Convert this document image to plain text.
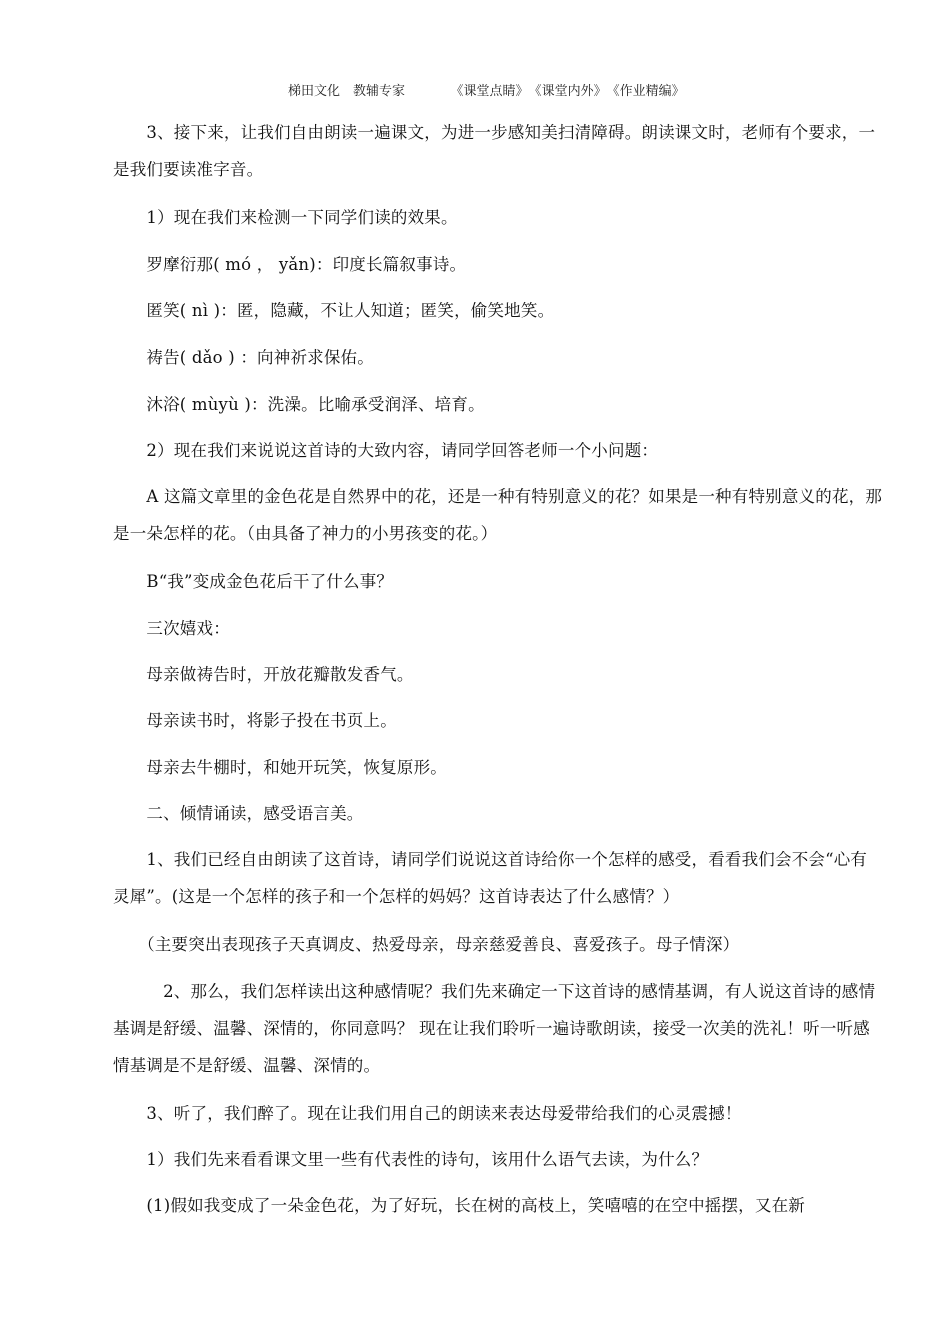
梯田文化　教辅专家　　　　	《课堂点睛》　 《课堂内外》　 《作业精编》

　　3、接下来，让我们自由朗读一遍课文，为进一步感知美扫清障碍。朗读课文时，老师有个要求，一是我们要读准字音。

　　1）现在我们来检测一下同学们读的效果。

　　罗摩衍那( mó ， yǎn)：印度长篇叙事诗。

　　匿笑( nì )：匿，隐藏，不让人知道；匿笑，偷笑地笑。

　　祷告( dǎo ) ：向神祈求保佑。

　　沐浴( mùyù )：洗澡。比喻承受润泽、培育。

　　2）现在我们来说说这首诗的大致内容，请同学回答老师一个小问题：

　　A 这篇文章里的金色花是自然界中的花，还是一种有特别意义的花？如果是一种有特别意义的花，那是一朵怎样的花。（由具备了神力的小男孩变的花。）

　　B“我”变成金色花后干了什么事？

　　三次嬉戏：

　　母亲做祷告时，开放花瓣散发香气。

　　母亲读书时，将影子投在书页上。

　　母亲去牛棚时，和她开玩笑，恢复原形。

　　二、倾情诵读，感受语言美。

　　1、我们已经自由朗读了这首诗，请同学们说说这首诗给你一个怎样的感受，看看我们会不会“心有灵犀”。(这是一个怎样的孩子和一个怎样的妈妈？这首诗表达了什么感情？）

　　（主要突出表现孩子天真调皮、热爱母亲，母亲慈爱善良、喜爱孩子。母子情深）

　　　2、那么，我们怎样读出这种感情呢？我们先来确定一下这首诗的感情基调，有人说这首诗的感情基调是舒缓、温馨、深情的，你同意吗？ 现在让我们聆听一遍诗歌朗读，接受一次美的洗礼！听一听感情基调是不是舒缓、温馨、深情的。

　　3、听了，我们醉了。现在让我们用自己的朗读来表达母爱带给我们的心灵震撼！

　　1）我们先来看看课文里一些有代表性的诗句，该用什么语气去读，为什么？

　　(1)假如我变成了一朵金色花，为了好玩，长在树的高枝上，笑嘻嘻的在空中摇摆，又在新
